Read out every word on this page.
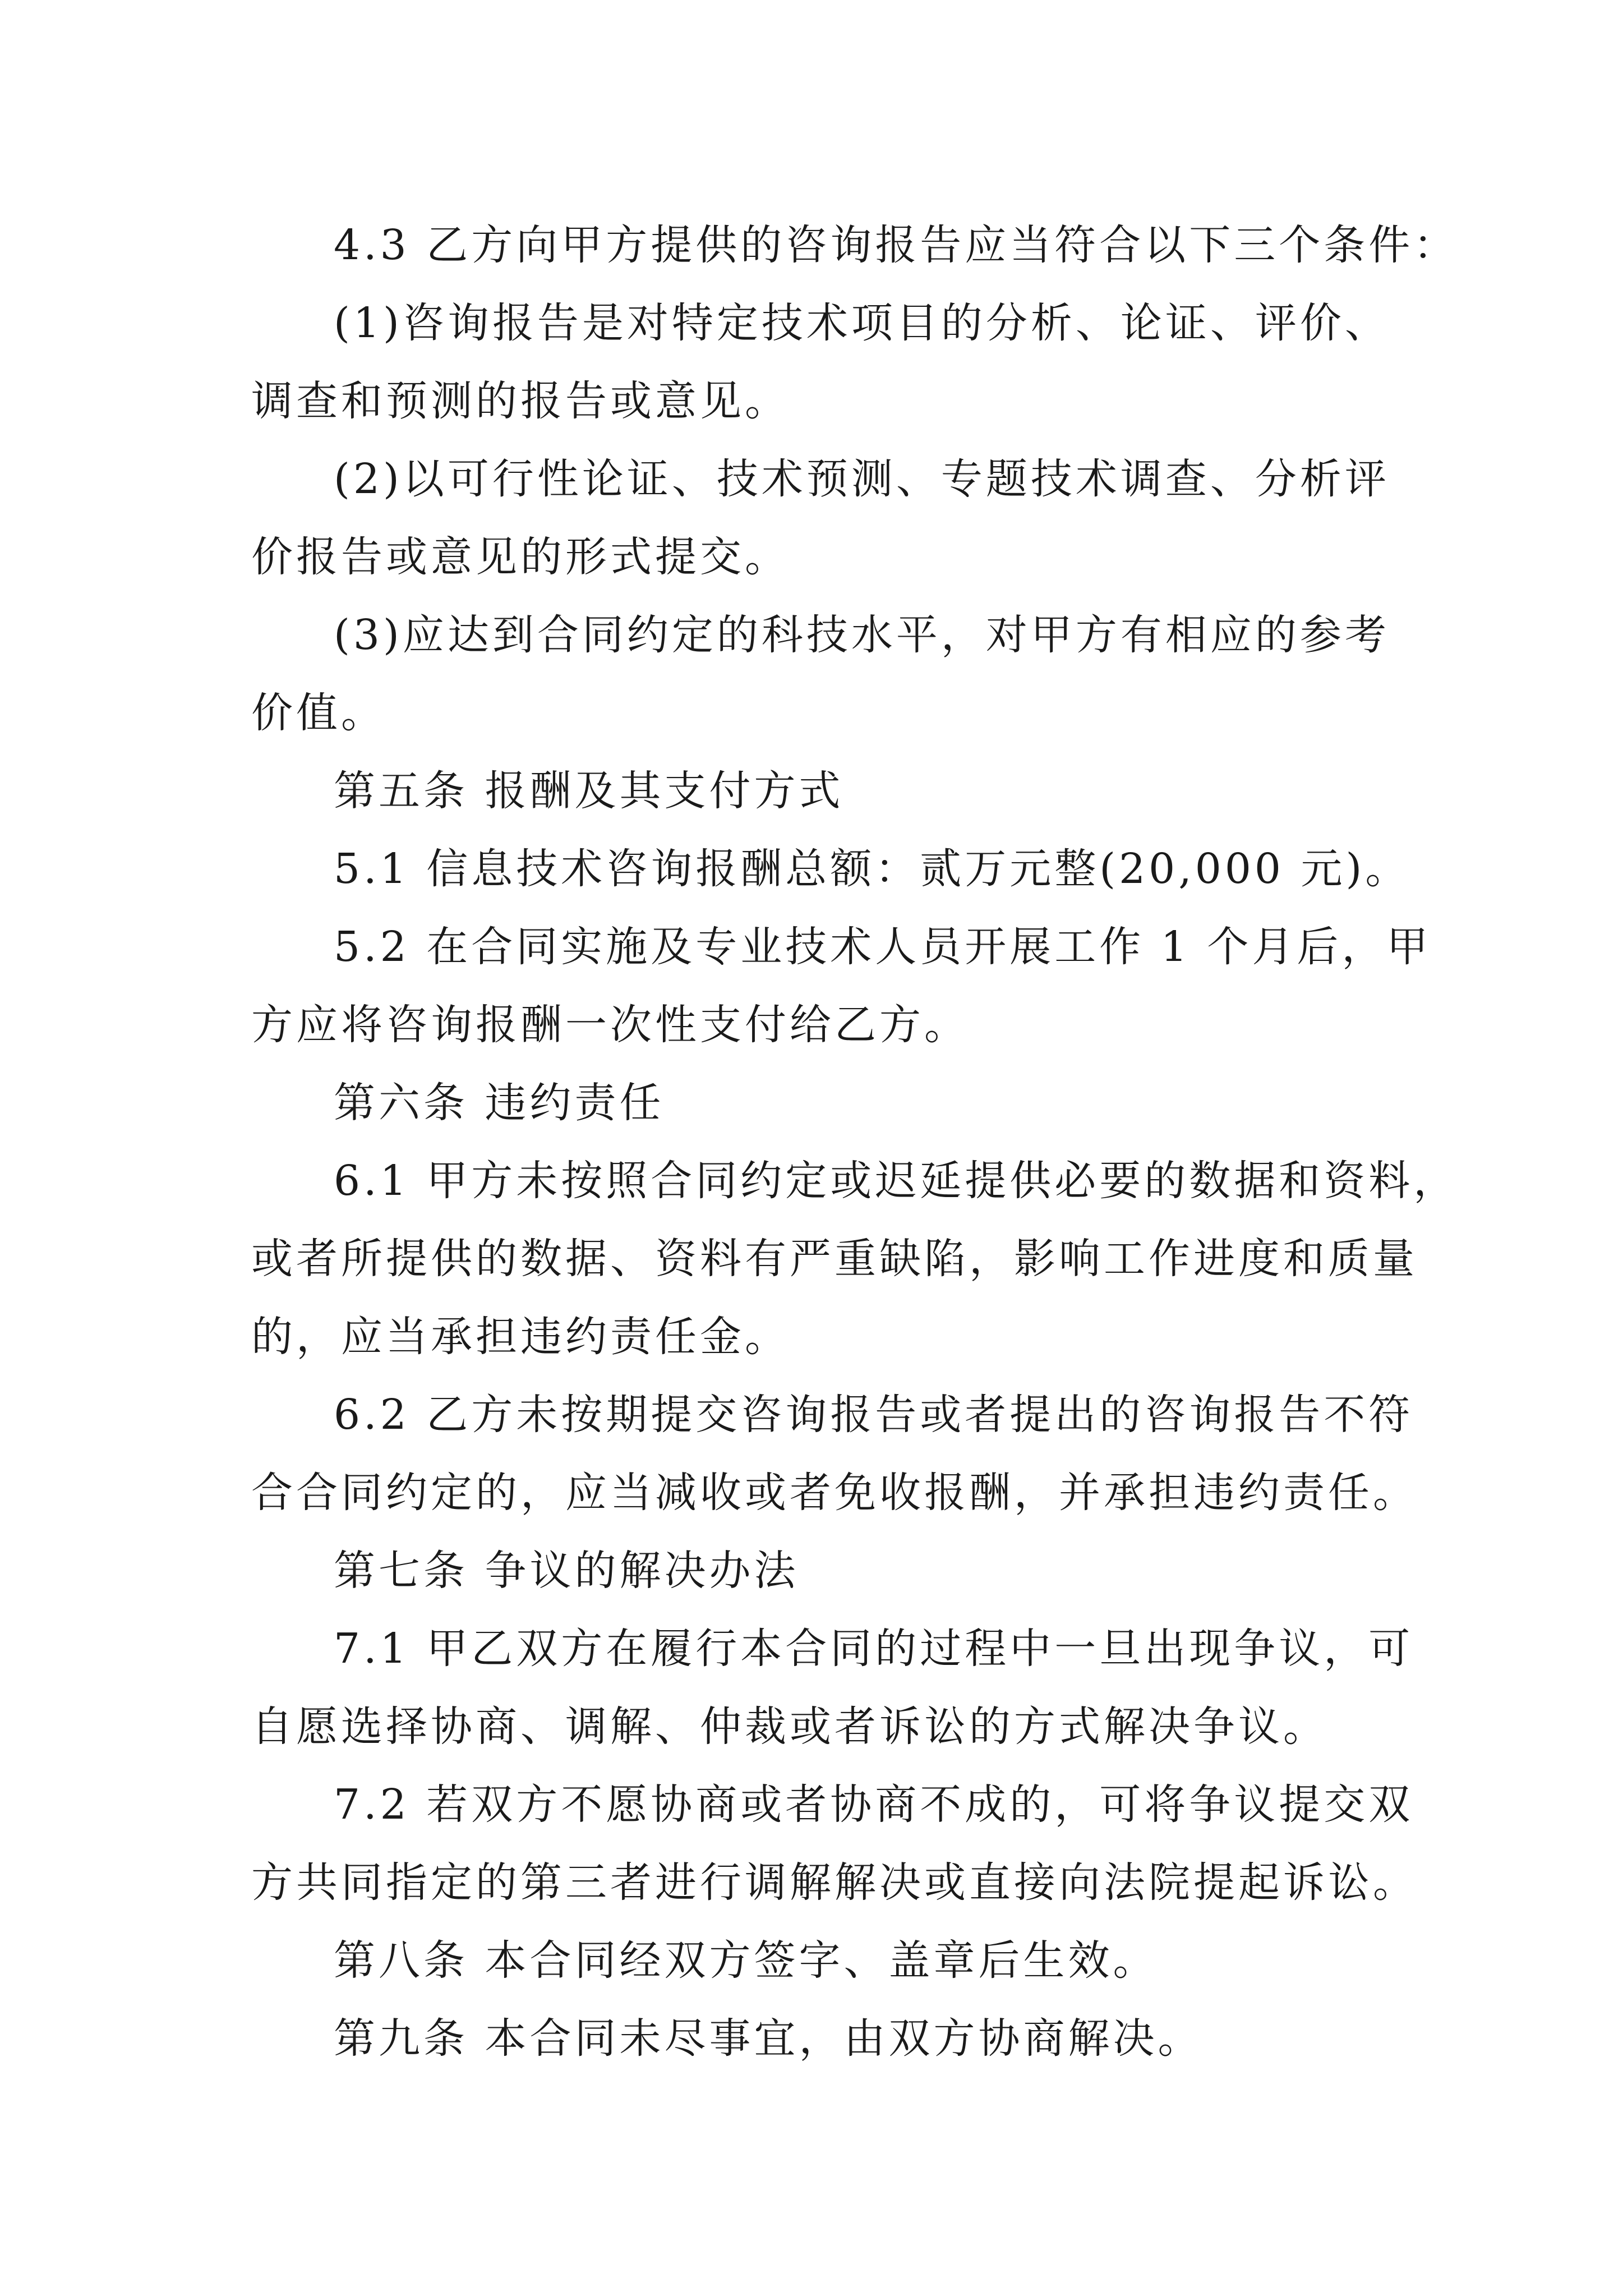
4.3 乙方向甲方提供的咨询报告应当符合以下三个条件：
(1)咨询报告是对特定技术项目的分析、论证、评价、
调查和预测的报告或意见。
(2)以可行性论证、技术预测、专题技术调查、分析评
价报告或意见的形式提交。
(3)应达到合同约定的科技水平，对甲方有相应的参考
价值。
第五条 报酬及其支付方式
5.1 信息技术咨询报酬总额：贰万元整(20,000 元)。
5.2 在合同实施及专业技术人员开展工作 1 个月后，甲
方应将咨询报酬一次性支付给乙方。
第六条 违约责任
6.1 甲方未按照合同约定或迟延提供必要的数据和资料，
或者所提供的数据、资料有严重缺陷，影响工作进度和质量
的，应当承担违约责任金。
6.2 乙方未按期提交咨询报告或者提出的咨询报告不符
合合同约定的，应当减收或者免收报酬，并承担违约责任。
第七条 争议的解决办法
7.1 甲乙双方在履行本合同的过程中一旦出现争议，可
自愿选择协商、调解、仲裁或者诉讼的方式解决争议。
7.2 若双方不愿协商或者协商不成的，可将争议提交双
方共同指定的第三者进行调解解决或直接向法院提起诉讼。
第八条 本合同经双方签字、盖章后生效。
第九条 本合同未尽事宜，由双方协商解决。
